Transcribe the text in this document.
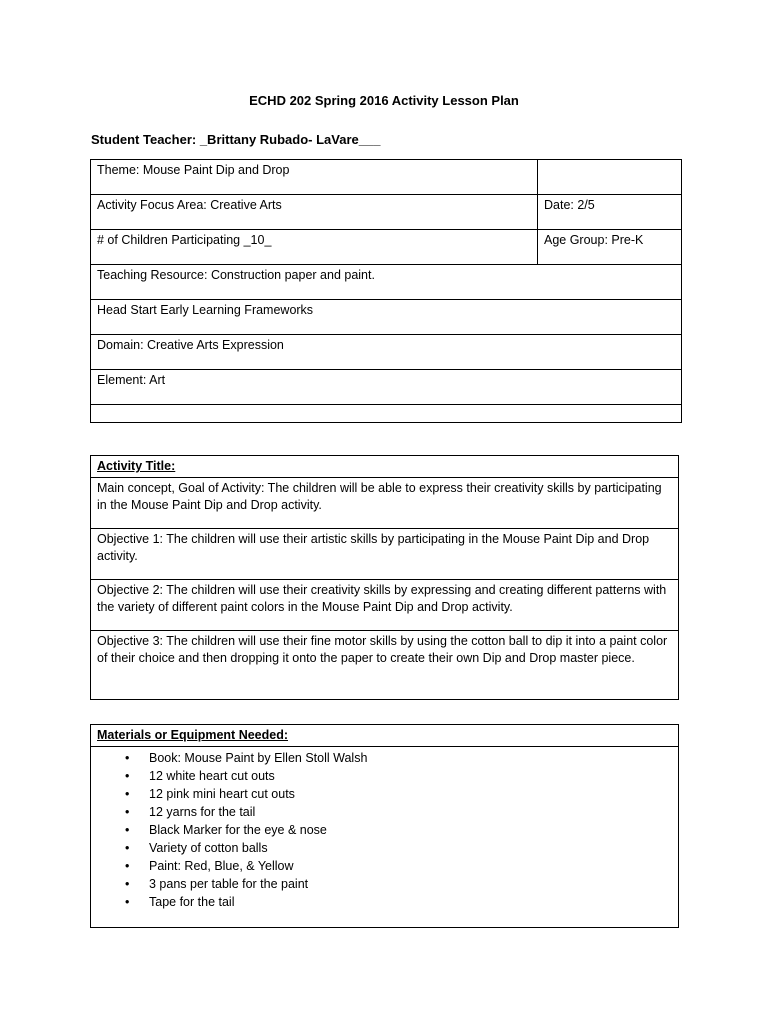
ECHD 202 Spring 2016 Activity Lesson Plan
Student Teacher: _Brittany Rubado- LaVare___
Theme: Mouse Paint Dip and Drop	
Activity Focus Area: Creative Arts	Date: 2/5
# of Children Participating _10_	Age Group: Pre-K
Teaching Resource: Construction paper and paint.	
Head Start Early Learning Frameworks	
Domain: Creative Arts Expression	
Element: Art	

Activity Title:
Main concept, Goal of Activity: The children will be able to express their creativity skills by participating in the Mouse Paint Dip and Drop activity.
Objective 1: The children will use their artistic skills by participating in the Mouse Paint Dip and Drop activity.
Objective 2: The children will use their creativity skills by expressing and creating different patterns with the variety of different paint colors in the Mouse Paint Dip and Drop activity.
Objective 3: The children will use their fine motor skills by using the cotton ball to dip it into a paint color of their choice and then dropping it onto the paper to create their own Dip and Drop master piece.
Materials or Equipment Needed:

• Book: Mouse Paint by Ellen Stoll Walsh
• 12 white heart cut outs
• 12 pink mini heart cut outs
• 12 yarns for the tail
• Black Marker for the eye & nose
• Variety of cotton balls
• Paint: Red, Blue, & Yellow
• 3 pans per table for the paint
• Tape for the tail
